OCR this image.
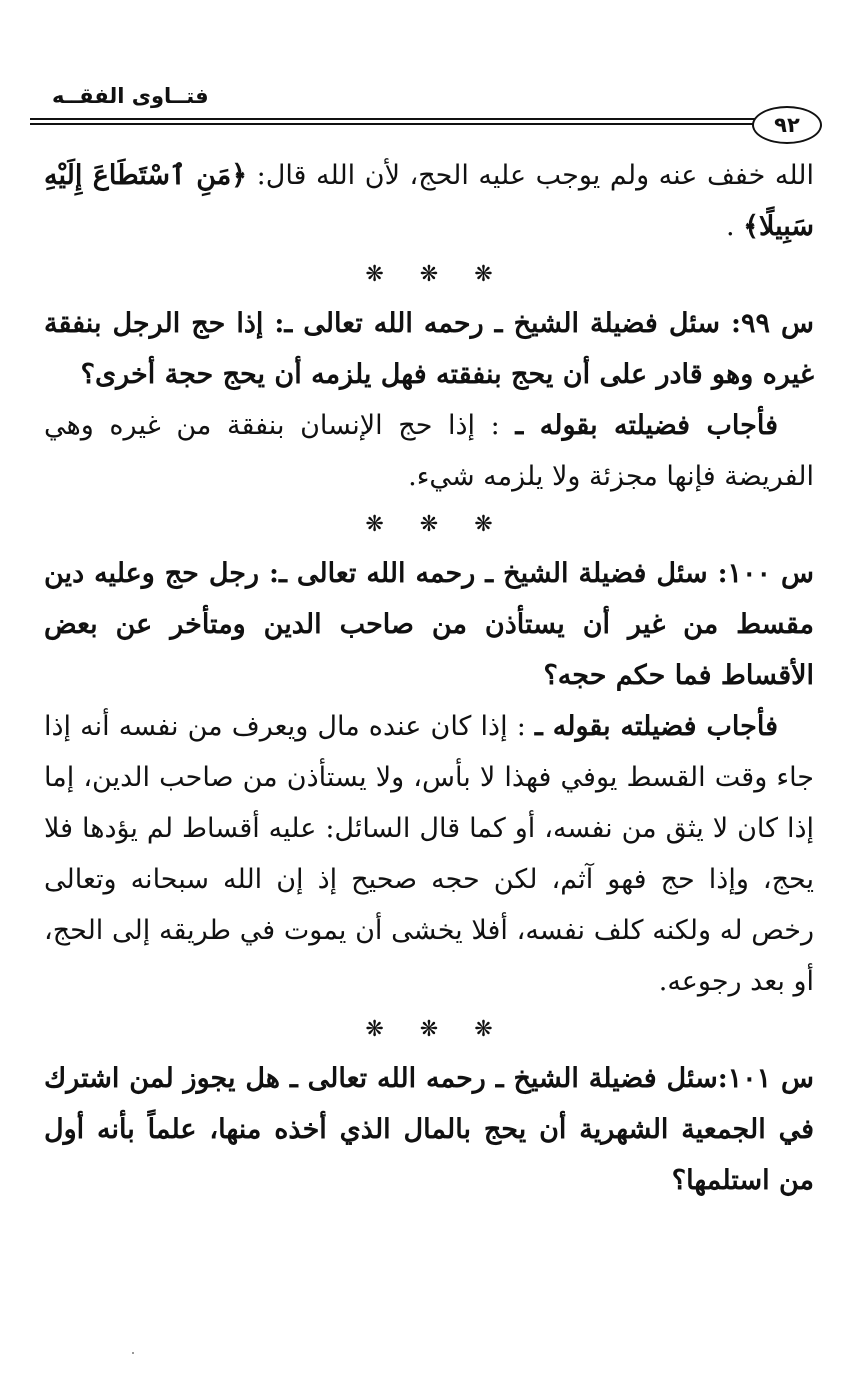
فتــاوى الفقــه
٩٢

الله خفف عنه ولم يوجب عليه الحج، لأن الله قال: ﴿مَنِ ٱسْتَطَاعَ إِلَيْهِ سَبِيلًا﴾ .

❋ ❋ ❋

س ٩٩: سئل فضيلة الشيخ ـ رحمه الله تعالى ـ: إذا حج الرجل بنفقة غيره وهو قادر على أن يحج بنفقته فهل يلزمه أن يحج حجة أخرى؟

فأجاب فضيلته بقوله ـ : إذا حج الإنسان بنفقة من غيره وهي الفريضة فإنها مجزئة ولا يلزمه شيء.

❋ ❋ ❋

س ١٠٠: سئل فضيلة الشيخ ـ رحمه الله تعالى ـ: رجل حج وعليه دين مقسط من غير أن يستأذن من صاحب الدين ومتأخر عن بعض الأقساط فما حكم حجه؟

فأجاب فضيلته بقوله ـ : إذا كان عنده مال ويعرف من نفسه أنه إذا جاء وقت القسط يوفي فهذا لا بأس، ولا يستأذن من صاحب الدين، إما إذا كان لا يثق من نفسه، أو كما قال السائل: عليه أقساط لم يؤدها فلا يحج، وإذا حج فهو آثم، لكن حجه صحيح إذ إن الله سبحانه وتعالى رخص له ولكنه كلف نفسه، أفلا يخشى أن يموت في طريقه إلى الحج، أو بعد رجوعه.

❋ ❋ ❋

س ١٠١:سئل فضيلة الشيخ ـ رحمه الله تعالى ـ هل يجوز لمن اشترك في الجمعية الشهرية أن يحج بالمال الذي أخذه منها، علماً بأنه أول من استلمها؟
